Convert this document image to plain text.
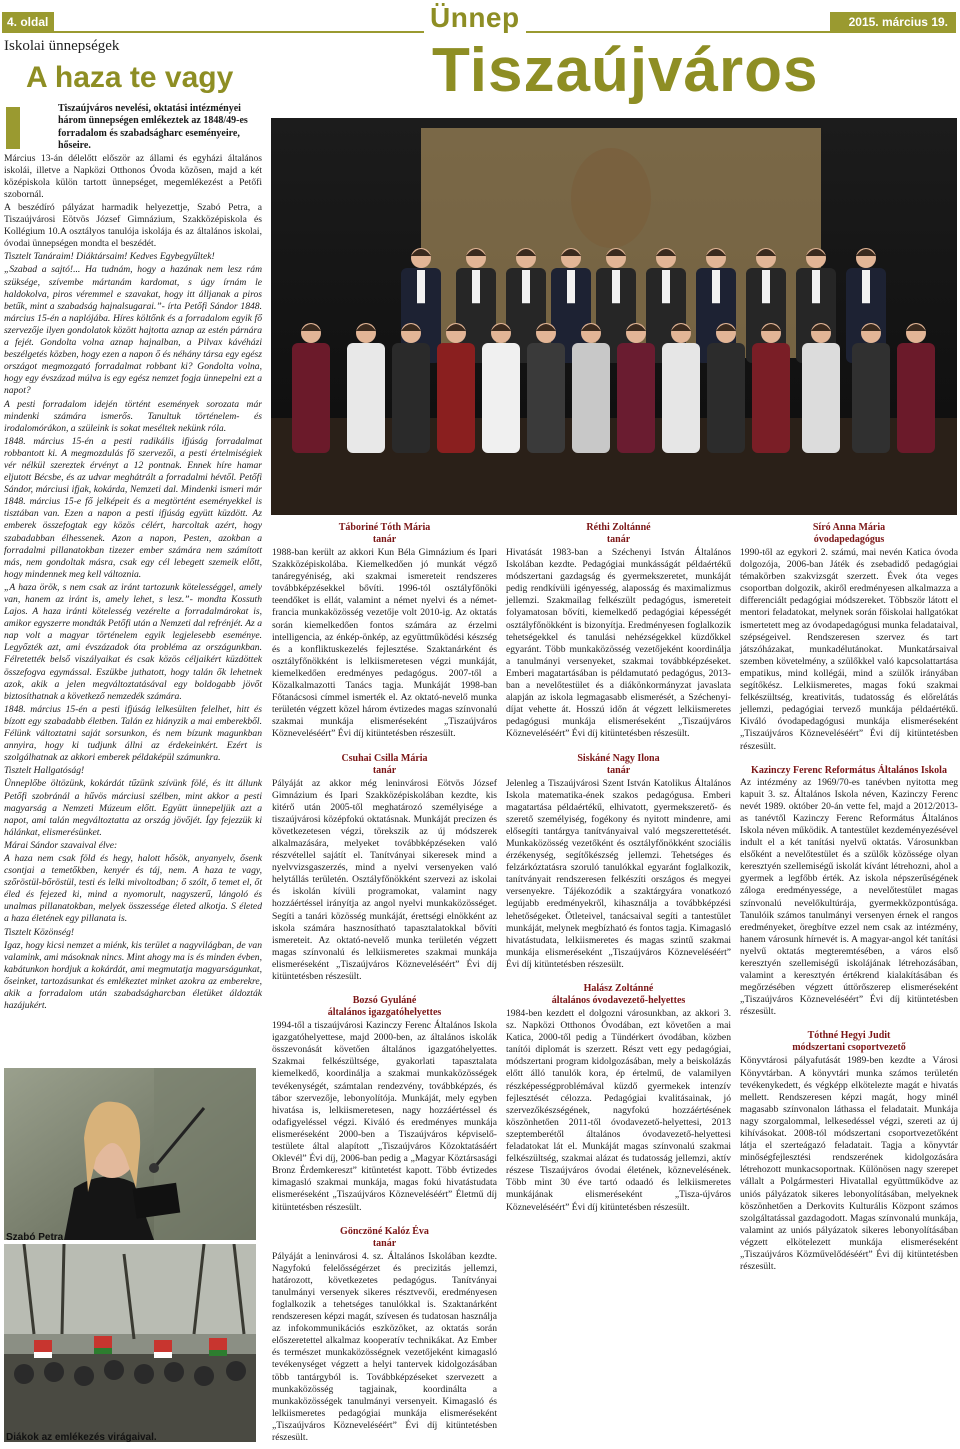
4. oldal	Ünnep	2015. március 19.
Tiszaújváros
Iskolai ünnepségek
A haza te vagy
Tiszaújváros nevelési, oktatási intézményei három ünnepségen emlékeztek az 1848/49-es forradalom és szabadságharc eseményeire, hőseire.
Március 13-án délelőtt először az állami és egyházi általános iskolái, illetve a Napközi Otthonos Óvoda közösen, majd a két középiskola külön tartott ünnepséget, megemlékezést a Petőfi szobornál.
A beszédíró pályázat harmadik helyezettje, Szabó Petra, a Tiszaújvárosi Eötvös József Gimnázium, Szakközépiskola és Kollégium 10.A osztályos tanulója iskolája és az általános iskolai, óvodai ünnepségen mondta el beszédét.
Tisztelt Tanáraim! Diáktársaim! Kedves Egybegyűltek!
„Szabad a sajtó!... Ha tudnám, hogy a hazának nem lesz rám szüksége, szívembe mártanám kardomat, s úgy írnám le haldokolva, piros véremmel e szavakat, hogy itt álljanak a piros betűk, mint a szabadság hajnalsugarai.”- írta Petőfi Sándor 1848. március 15-én a naplójába. Híres költőnk és a forradalom egyik fő szervezője ilyen gondolatok között hajtotta aznap az estén párnára a fejét. Gondolta volna aznap hajnalban, a Pilvax kávéházi beszélgetés közben, hogy ezen a napon ő és néhány társa egy egész országot megmozgató forradalmat robbant ki? Gondolta volna, hogy egy évszázad múlva is egy egész nemzet fogja ünnepelni ezt a napot?
A pesti forradalom idején történt események sorozata már mindenki számára ismerős. Tanultuk történelem- és irodalomórákon, a szüleink is sokat meséltek nekünk róla.
1848. március 15-én a pesti radikális ifjúság forradalmat robbantott ki. A megmozdulás fő szervezői, a pesti értelmiségiek vér nélkül szereztek érvényt a 12 pontnak. Ennek híre hamar eljutott Bécsbe, és az udvar meghátrált a forradalmi hévtől. Petőfi Sándor, márciusi ifjak, kokárda, Nemzeti dal. Mindenki ismeri már 1848. március 15-e fő jelképeit és a megtörtént eseményekkel is tisztában van. Ezen a napon a pesti ifjúság együtt küzdött. Az emberek összefogtak egy közös célért, harcoltak azért, hogy szabadabban élhessenek. Azon a napon, Pesten, azokban a forradalmi pillanatokban tizezer ember számára nem számított más, nem gondoltak másra, csak egy cél lebegett szemeik előtt, hogy mindennek meg kell változnia.
„A haza örök, s nem csak az iránt tartozunk kötelességgel, amely van, hanem az iránt is, amely lehet, s lesz.”- mondta Kossuth Lajos. A haza iránti kötelesség vezérelte a forradalmárokat is, amikor egyszerre mondták Petőfi után a Nemzeti dal refrénjét. Az a nap volt a magyar történelem egyik legjelesebb eseménye. Legyőzték azt, ami évszázadok óta probléma az országunkban. Félretették belső viszályaikat és csak közös céljaikért küzdöttek összefogva egymással. Eszükbe juthatott, hogy talán ők lehetnek azok, akik a jelen megváltoztatásával egy boldogabb jövőt biztosíthatnak a következő nemzedék számára.
1848. március 15-én a pesti ifjúság lelkesülten felelhet, hitt és bízott egy szabadabb életben. Talán ez hiányzik a mai emberekből. Félünk változtatni saját sorsunkon, és nem bízunk magunkban annyira, hogy ki tudjunk állni az érdekeinkért. Ezért is szolgálhatnak az akkori emberek példaképül számunkra.
Tisztelt Hallgatóság!
Ünneplőbe öltözünk, kokárdát tűzünk szívünk fölé, és itt állunk Petőfi szobránál a hűvös márciusi szélben, mint akkor a pesti magyarság a Nemzeti Múzeum előtt. Együtt ünnepeljük azt a napot, ami talán megváltoztatta az ország jövőjét. Így fejezzük ki hálánkat, elismerésünket.
Márai Sándor szavaival élve:
A haza nem csak föld és hegy, halott hősök, anyanyelv, ősenk csontjai a temetőkben, kenyér és táj, nem. A haza te vagy, szőröstül-bőröstül, testi és lelki mivoltodban; ő szólt, ő temet el, őt éled és fejezed ki, mind a nyomorult, nagyszerű, lángoló és unalmas pillanatokban, melyek összessége életed alkotja. S életed a haza életének egy pillanata is.
Tisztelt Közönség!
Igaz, hogy kicsi nemzet a miénk, kis terület a nagyvilágban, de van valamink, ami másoknak nincs. Mint ahogy ma is és minden évben, kabátunkon hordjuk a kokárdát, ami megmutatja magyarságunkat, őseinket, tartozásunkat és emlékeztet minket azokra az emberekre, akik a forradalom után szabadságharcban életüket áldozták hazájukért.
Szabó Petra
Diákok az emlékezés virágaival.
Táboriné Tóth Mária
tanár
1988-ban került az akkori Kun Béla Gimnázium és Ipari Szakközépiskolába. Kiemelkedően jó munkát végző tanáregyéniség, aki szakmai ismereteit rendszeres továbbképzésekkel bővíti. 1996-tól osztályfőnöki teendőket is ellát, valamint a német nyelvi és a német-francia munkaközösség vezetője volt 2010-ig. Az oktatás során kiemelkedően fontos számára az érzelmi intelligencia, az énkép-önkép, az együttműködési készség és a konfliktuskezelés fejlesztése. Szaktanárként és osztályfőnökként is lelkiismeretesen végzi munkáját, kiemelkedően eredményes pedagógus. 2007-től a Közalkalmazotti Tanács tagja. Munkáját 1998-ban Főtanácsosi címmel ismerték el. Az oktató-nevelő munka területén végzett közel három évtizedes magas színvonalú szakmai munkája elismeréseként „Tiszaújváros Közneveléséért” Évi díj kitüntetésben részesült.
Csuhai Csilla Mária
tanár
Pályáját az akkor még leninvárosi Eötvös József Gimnázium és Ipari Szakközépiskolában kezdte, kis kitérő után 2005-től meghatározó személyisége a tiszaújvárosi középfokú oktatásnak. Munkáját precízen és következetesen végzi, törekszik az új módszerek alkalmazására, melyeket továbbképzéseken való részvétellel sajátít el. Tanítványai sikeresek mind a nyelvvizsgaszerzés, mind a nyelvi versenyeken való helytállás területén. Osztályfőnökként szervezi az iskolai és iskolán kívüli programokat, valamint nagy hozzáértéssel irányítja az angol nyelvi munkaközösséget. Segíti a tanári közösség munkáját, érettségi elnökként az iskola számára hasznosítható tapasztalatokkal bővíti ismereteit. Az oktató-nevelő munka területén végzett magas színvonalú és lelkiismeretes szakmai munkája elismeréseként „Tiszaújváros Közneveléséért” Évi díj kitüntetésben részesült.
Bozsó Gyuláné
általános igazgatóhelyettes
1994-től a tiszaújvárosi Kazinczy Ferenc Általános Iskola igazgatóhelyettese, majd 2000-ben, az általános iskolák összevonását követően általános igazgatóhelyettes. Szakmai felkészültsége, gyakorlati tapasztalata kiemelkedő, koordinálja a szakmai munkaközösségek tevékenységét, számtalan rendezvény, továbbképzés, és tábor szervezője, lebonyolítója. Munkáját, mely egyben hivatása is, lelkiismeretesen, nagy hozzáértéssel és odafigyeléssel végzi. Kiváló és eredményes munkája elismeréseként 2000-ben a Tiszaújváros képviselő-testülete által alapított „Tiszaújváros Közoktatásáért Oklevél” Évi díj, 2006-ban pedig a „Magyar Köztársasági Bronz Érdemkereszt” kitüntetést kapott. Több évtizedes kimagasló szakmai munkája, magas fokú hivatástudata elismeréseként „Tiszaújváros Közneveléséért” Életmű díj kitüntetésben részesült.
Gönczöné Kalóz Éva
tanár
Pályáját a leninvárosi 4. sz. Általános Iskolában kezdte. Nagyfokú felelősségérzet és precizitás jellemzi, határozott, következetes pedagógus. Tanítványai tanulmányi versenyek sikeres résztvevői, eredményesen foglalkozik a tehetséges tanulókkal is. Szaktanárként rendszeresen képzi magát, szívesen és tudatosan használja az infokommunikációs eszközöket, az oktatás során előszeretettel alkalmaz kooperatív technikákat. Az Ember és természet munkaközösségnek vezetőjeként kimagasló tevékenységet végzett a helyi tantervek kidolgozásában több tantárgyból is. Továbbképzéseket szervezett a munkaközösség tagjainak, koordinálta a munkaközösségek tanulmányi versenyeit. Kimagasló és lelkiismeretes pedagógiai munkája elismeréseként „Tiszaújváros Közneveléséért” Évi díj kitüntetésben részesült.
Réthi Zoltánné
tanár
Hivatását 1983-ban a Széchenyi István Általános Iskolában kezdte. Pedagógiai munkásságát példaértékű módszertani gazdagság és gyermekszeretet, munkáját pedig rendkívüli igényesség, alaposság és maximalizmus jellemzi. Szakmailag felkészült pedagógus, ismereteit folyamatosan bővíti, kiemelkedő pedagógiai képességét osztályfőnökként is bizonyítja. Eredményesen foglalkozik tehetségekkel és tanulási nehézségekkel küzdőkkel egyaránt. Több munkaközösség vezetőjeként koordinálja a tanulmányi versenyeket, szakmai továbbképzéseket. Emberi magatartásában is példamutató pedagógus, 2013-ban a nevelőtestület és a diákönkormányzat javaslata alapján az iskola legmagasabb elismerését, a Széchenyi-díjat vehette át. Hosszú időn át végzett lelkiismeretes pedagógusi munkája elismeréseként „Tiszaújváros Közneveléséért” Évi díj kitüntetésben részesült.
Siskáné Nagy Ilona
tanár
Jelenleg a Tiszaújvárosi Szent István Katolikus Általános Iskola matematika-ének szakos pedagógusa. Emberi magatartása példaértékű, elhivatott, gyermekszerető- és szerető személyiség, fogékony és nyitott mindenre, ami elősegíti tantárgya tanítványaival való megszerettetését. Munkaközösség vezetőként és osztályfőnökként szociális érzékenység, segítőkészség jellemzi. Tehetséges és felzárkóztatásra szoruló tanulókkal egyaránt foglalkozik, tanítványait rendszeresen felkészíti országos és megyei versenyekre. Tájékozódik a szaktárgyára vonatkozó legújabb eredményekről, kihasználja a továbbképzési lehetőségeket. Ötleteivel, tanácsaival segíti a tantestület munkáját, melynek megbízható és fontos tagja. Kimagasló hivatástudata, lelkiismeretes és magas szintű szakmai munkája elismeréseként „Tiszaújváros Közneveléséért” Évi díj kitüntetésben részesült.
Halász Zoltánné
általános óvodavezető-helyettes
1984-ben kezdett el dolgozni városunkban, az akkori 3. sz. Napközi Otthonos Óvodában, ezt követően a mai Katica, 2000-től pedig a Tündérkert óvodában, közben tanítói diplomát is szerzett. Részt vett egy pedagógiai, módszertani program kidolgozásában, mely a beiskolázás előtt álló tanulók kora, ép értelmű, de valamilyen részképességproblémával küzdő gyermekek intenzív fejlesztését célozza. Pedagógiai kvalitásainak, jó szervezőkészségének, nagyfokú hozzáértésének köszönhetően 2011-től óvodavezető-helyettesi, 2013 szeptemberétől általános óvodavezető-helyettesi feladatokat lát el. Munkáját magas színvonalú szakmai felkészültség, szakmai alázat és tudatosság jellemzi, aktív részese Tiszaújváros óvodai életének, köznevelésének. Több mint 30 éve tartó odaadó és lelkiismeretes munkájának elismeréseként „Tisza-újváros Közneveléséért” Évi díj kitüntetésben részesült.
Síró Anna Mária
óvodapedagógus
1990-től az egykori 2. számú, mai nevén Katica óvoda dolgozója, 2006-ban Játék és zsebadidő pedagógiai témakörben szakvizsgát szerzett. Évek óta veges csoportban dolgozik, akiről eredményesen alkalmazza a differenciált pedagógiai módszereket. Többször látott el mentori feladatokat, melynek során főiskolai hallgatókat ismertetett meg az óvodapedagógusi munka feladataival, szépségeivel. Rendszeresen szervez és tart játszóházakat, munkadélutánokat. Munkatársaival szemben követelmény, a szülőkkel való kapcsolattartása empatikus, mind kollégái, mind a szülők irányában segítőkész. Lelkiismeretes, magas fokú szakmai felkészültség, kreativitás, tudatosság és előrelátás jellemzi, pedagógiai tervező munkája példaértékű. Kiváló óvodapedagógusi munkája elismeréseként „Tiszaújváros Közneveléséért” Évi díj kitüntetésben részesült.
Kazinczy Ferenc Református Általános Iskola
Az intézmény az 1969/70-es tanévben nyitotta meg kapuit 3. sz. Általános Iskola néven, Kazinczy Ferenc nevét 1989. október 20-án vette fel, majd a 2012/2013-as tanévtől Kazinczy Ferenc Református Általános Iskola néven működik. A tantestület kezdeményezésével indult el a két tanítási nyelvű oktatás. Városunkban elsőként a nevelőtestület és a szülők közössége olyan keresztyén szellemiségű iskolát kívánt létrehozni, ahol a gyermek a legfőbb érték. Az iskola népszerűségének záloga eredményessége, a nevelőtestület magas színvonalú nevelőkultúrája, gyermekközpontúsága. Tanulóik számos tanulmányi versenyen érnek el rangos eredményeket, öregbítve ezzel nem csak az intézmény, hanem városunk hírnevét is. A magyar-angol két tanítási nyelvű oktatás megteremtésében, a város első keresztyén szellemiségű iskolájának létrehozásában, valamint a keresztyén értékrend kialakításában és megőrzésében végzett úttörőszerep elismeréseként „Tiszaújváros Közneveléséért” Évi díj kitüntetésben részesült.
Tóthné Hegyi Judit
módszertani csoportvezető
Könyvtárosi pályafutását 1989-ben kezdte a Városi Könyvtárban. A könyvtári munka számos területén tevékenykedett, és végképp elkötelezte magát e hivatás mellett. Rendszeresen képzi magát, hogy minél magasabb színvonalon láthassa el feladatait. Munkája nagy szorgalommal, lelkesedéssel végzi, szereti az új kihívásokat. 2008-tól módszertani csoportvezetőként látja el szerteágazó feladatait. Tagja a könyvtár minőségfejlesztési rendszerének kidolgozására létrehozott munkacsoportnak. Különösen nagy szerepet vállalt a Polgármesteri Hivatallal együttműködve az uniós pályázatok sikeres lebonyolításában, melyeknek köszönhetően a Derkovits Kulturális Központ számos szolgáltatással gazdagodott. Magas színvonalú munkája, valamint az uniós pályázatok sikeres lebonyolításában végzett elkötelezett munkája elismeréseként „Tiszaújváros Közművelődéséért” Évi díj kitüntetésben részesült.
